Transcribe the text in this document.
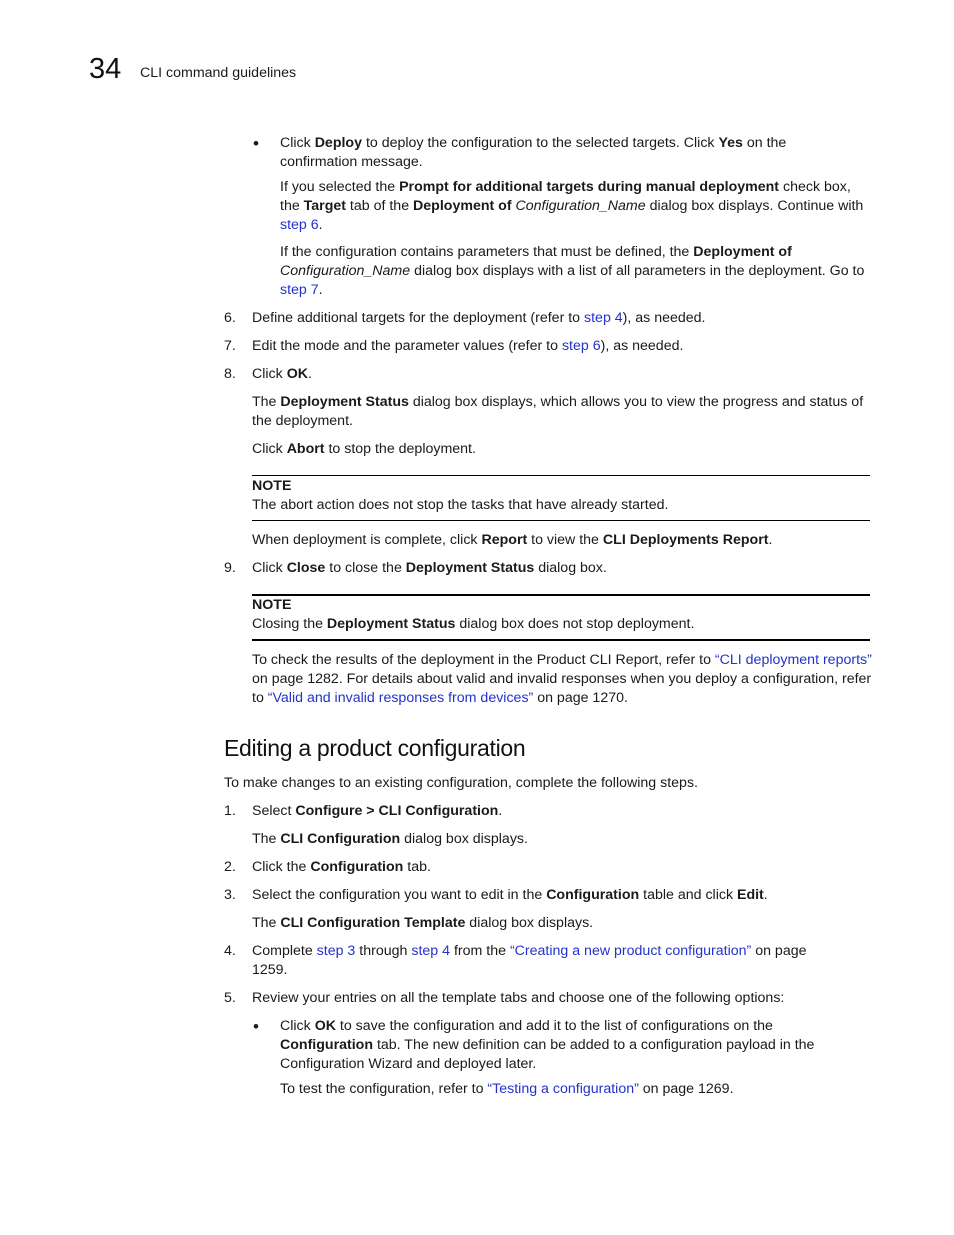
34 CLI command guidelines
• Click Deploy to deploy the configuration to the selected targets. Click Yes on the confirmation message.

If you selected the Prompt for additional targets during manual deployment check box, the Target tab of the Deployment of Configuration_Name dialog box displays. Continue with step 6.

If the configuration contains parameters that must be defined, the Deployment of
Configuration_Name dialog box displays with a list of all parameters in the deployment. Go to step 7.

6. Define additional targets for the deployment (refer to step 4), as needed.

7. Edit the mode and the parameter values (refer to step 6), as needed.

8. Click OK.

The Deployment Status dialog box displays, which allows you to view the progress and status of the deployment.

Click Abort to stop the deployment.

NOTE
The abort action does not stop the tasks that have already started.

When deployment is complete, click Report to view the CLI Deployments Report.

9. Click Close to close the Deployment Status dialog box.

NOTE
Closing the Deployment Status dialog box does not stop deployment.

To check the results of the deployment in the Product CLI Report, refer to “CLI deployment reports” on page 1282. For details about valid and invalid responses when you deploy a configuration, refer to “Valid and invalid responses from devices” on page 1270.

Editing a product configuration

To make changes to an existing configuration, complete the following steps.

1. Select Configure > CLI Configuration.

The CLI Configuration dialog box displays.

2. Click the Configuration tab.

3. Select the configuration you want to edit in the Configuration table and click Edit.

The CLI Configuration Template dialog box displays.

4. Complete step 3 through step 4 from the “Creating a new product configuration” on page 1259.

5. Review your entries on all the template tabs and choose one of the following options:

• Click OK to save the configuration and add it to the list of configurations on the Configuration tab. The new definition can be added to a configuration payload in the Configuration Wizard and deployed later.

To test the configuration, refer to “Testing a configuration” on page 1269.
